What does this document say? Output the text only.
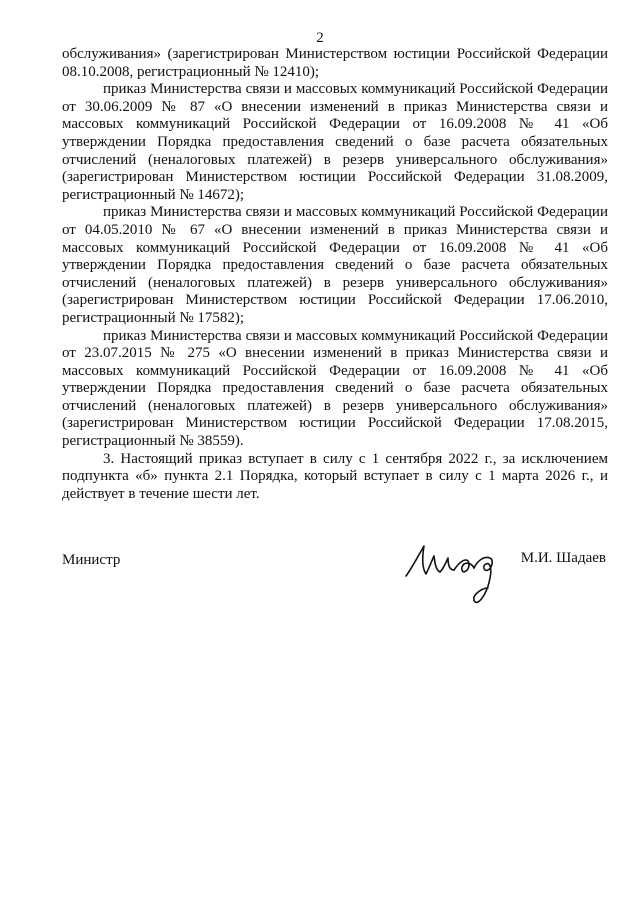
2

обслуживания» (зарегистрирован Министерством юстиции Российской Федерации 08.10.2008, регистрационный № 12410);

приказ Министерства связи и массовых коммуникаций Российской Федерации от 30.06.2009 № 87 «О внесении изменений в приказ Министерства связи и массовых коммуникаций Российской Федерации от 16.09.2008 № 41 «Об утверждении Порядка предоставления сведений о базе расчета обязательных отчислений (неналоговых платежей) в резерв универсального обслуживания» (зарегистрирован Министерством юстиции Российской Федерации 31.08.2009, регистрационный № 14672);

приказ Министерства связи и массовых коммуникаций Российской Федерации от 04.05.2010 № 67 «О внесении изменений в приказ Министерства связи и массовых коммуникаций Российской Федерации от 16.09.2008 № 41 «Об утверждении Порядка предоставления сведений о базе расчета обязательных отчислений (неналоговых платежей) в резерв универсального обслуживания» (зарегистрирован Министерством юстиции Российской Федерации 17.06.2010, регистрационный № 17582);

приказ Министерства связи и массовых коммуникаций Российской Федерации от 23.07.2015 № 275 «О внесении изменений в приказ Министерства связи и массовых коммуникаций Российской Федерации от 16.09.2008 № 41 «Об утверждении Порядка предоставления сведений о базе расчета обязательных отчислений (неналоговых платежей) в резерв универсального обслуживания» (зарегистрирован Министерством юстиции Российской Федерации 17.08.2015, регистрационный № 38559).

3. Настоящий приказ вступает в силу с 1 сентября 2022 г., за исключением подпункта «б» пункта 2.1 Порядка, который вступает в силу с 1 марта 2026 г., и действует в течение шести лет.

Министр	М.И. Шадаев
